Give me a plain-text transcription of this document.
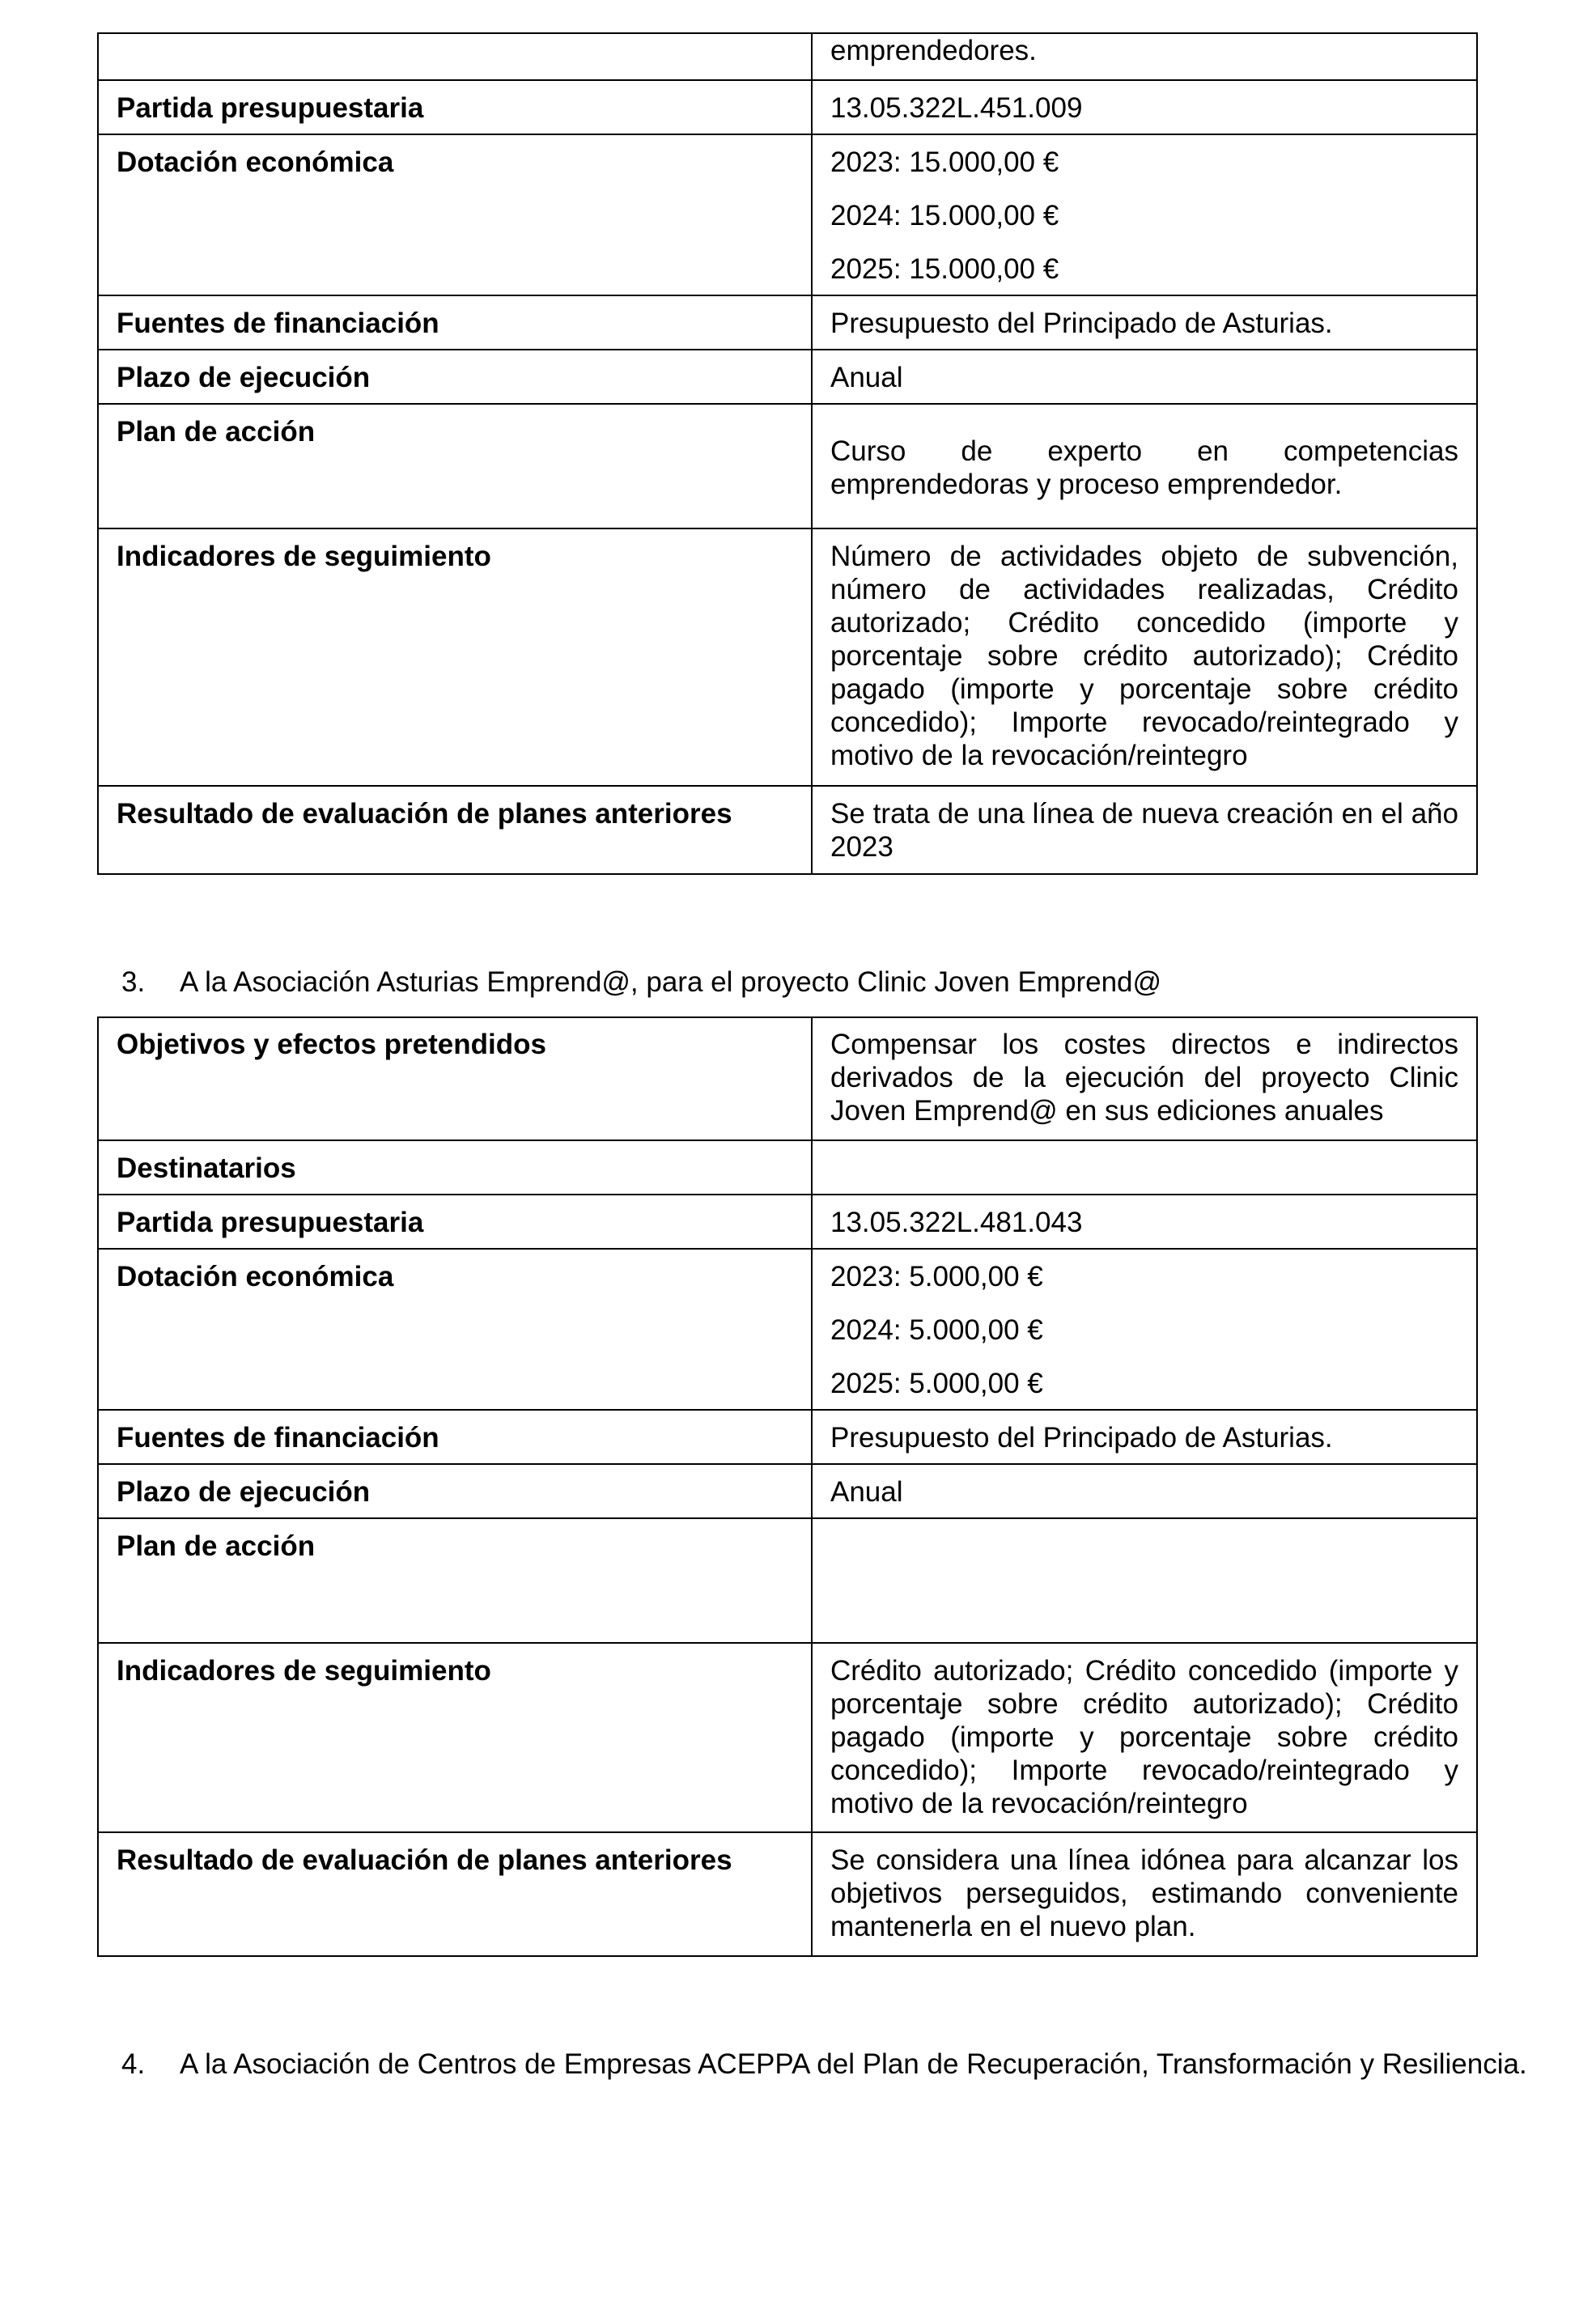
	emprendedores.

Partida presupuestaria	13.05.322L.451.009

Dotación económica	2023: 15.000,00 €
2024: 15.000,00 €
2025: 15.000,00 €

Fuentes de financiación	Presupuesto del Principado de Asturias.

Plazo de ejecución	Anual

Plan de acción	Curso de experto en competencias emprendedoras y proceso emprendedor.

Indicadores de seguimiento	Número de actividades objeto de subvención, número de actividades realizadas, Crédito autorizado; Crédito concedido (importe y porcentaje sobre crédito autorizado); Crédito pagado (importe y porcentaje sobre crédito concedido); Importe revocado/reintegrado y motivo de la revocación/reintegro

Resultado de evaluación de planes anteriores	Se trata de una línea de nueva creación en el año 2023
3. A la Asociación Asturias Emprend@, para el proyecto Clinic Joven Emprend@
Objetivos y efectos pretendidos	Compensar los costes directos e indirectos derivados de la ejecución del proyecto Clinic Joven Emprend@ en sus ediciones anuales

Destinatarios	
Partida presupuestaria	13.05.322L.481.043

Dotación económica	2023: 5.000,00 €
2024: 5.000,00 €
2025: 5.000,00 €

Fuentes de financiación	Presupuesto del Principado de Asturias.

Plazo de ejecución	Anual

Plan de acción	
Indicadores de seguimiento	Crédito autorizado; Crédito concedido (importe y porcentaje sobre crédito autorizado); Crédito pagado (importe y porcentaje sobre crédito concedido); Importe revocado/reintegrado y motivo de la revocación/reintegro

Resultado de evaluación de planes anteriores	Se considera una línea idónea para alcanzar los objetivos perseguidos, estimando conveniente mantenerla en el nuevo plan.
4. A la Asociación de Centros de Empresas ACEPPA del Plan de Recuperación, Transformación y Resiliencia.
